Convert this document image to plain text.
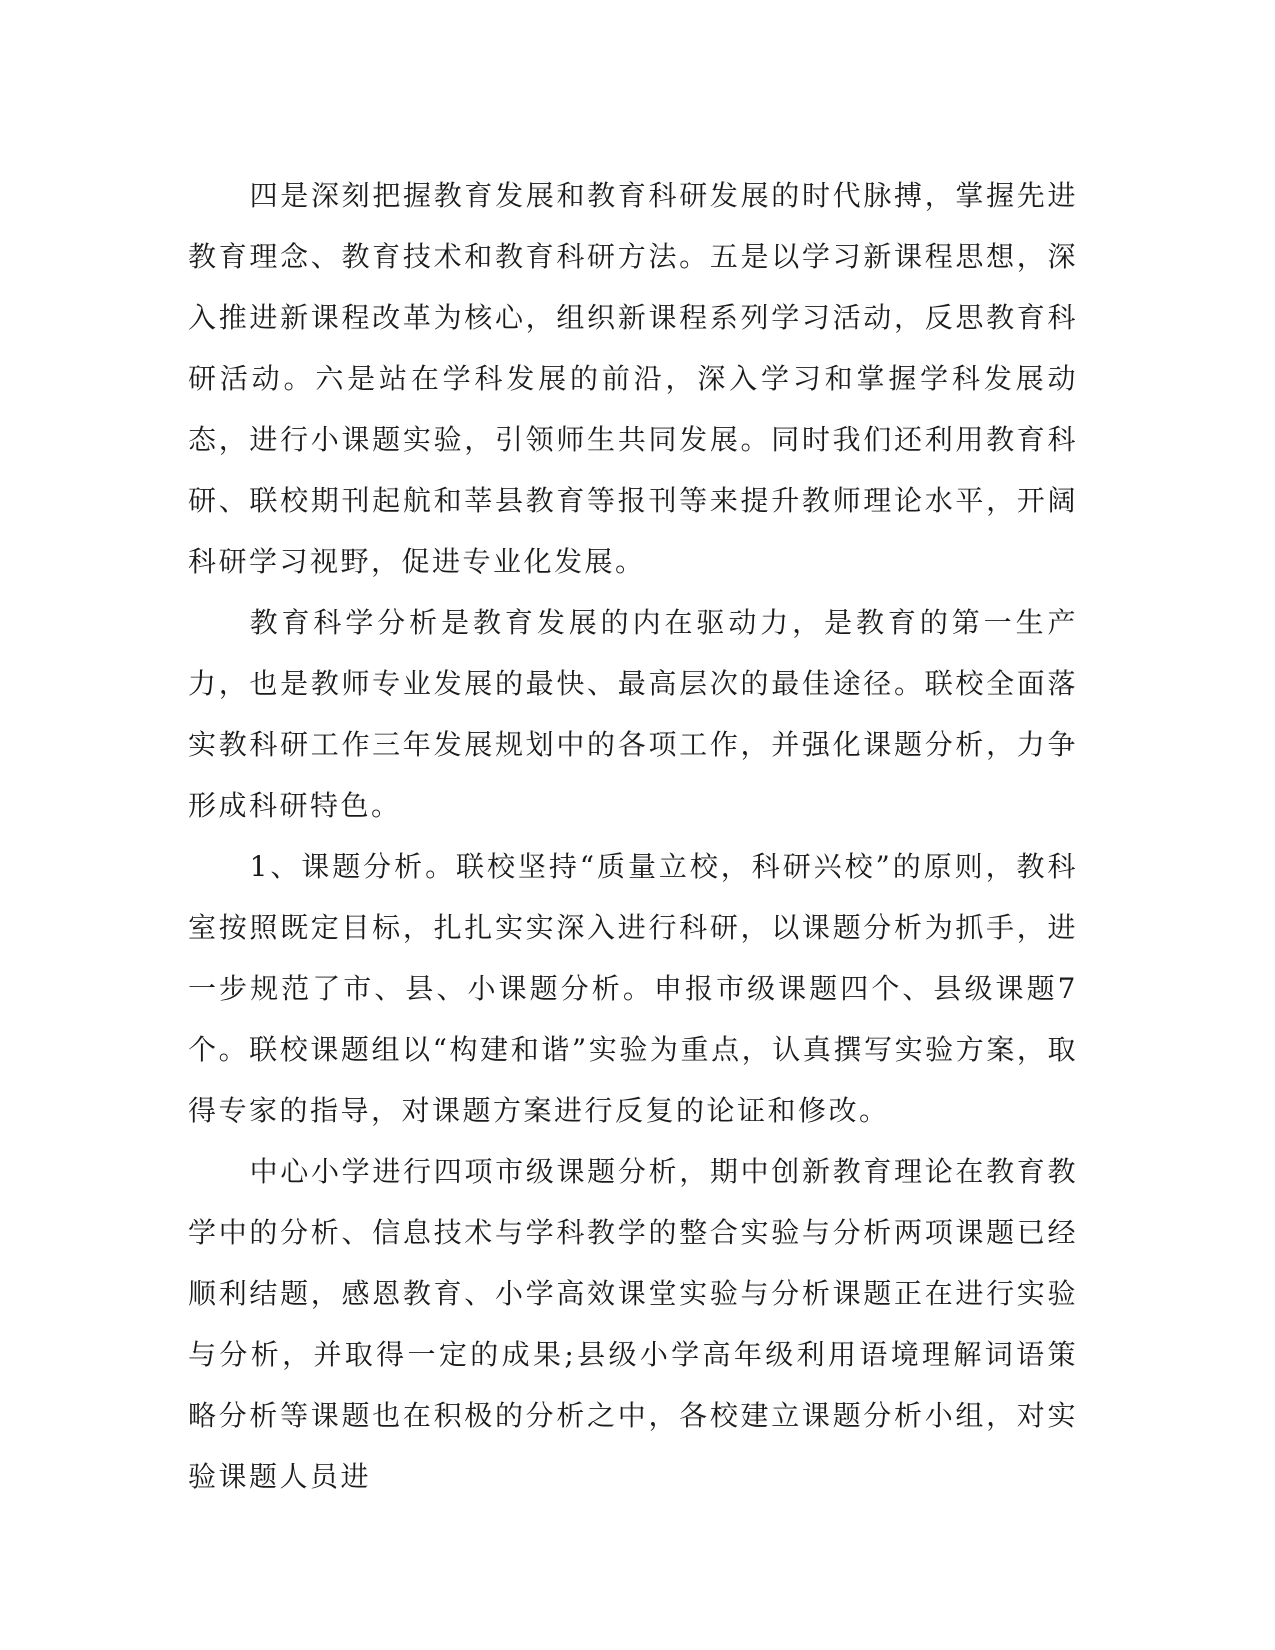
四是深刻把握教育发展和教育科研发展的时代脉搏，掌握先进教育理念、教育技术和教育科研方法。五是以学习新课程思想，深入推进新课程改革为核心，组织新课程系列学习活动，反思教育科研活动。六是站在学科发展的前沿，深入学习和掌握学科发展动态，进行小课题实验，引领师生共同发展。同时我们还利用教育科研、联校期刊起航和莘县教育等报刊等来提升教师理论水平，开阔科研学习视野，促进专业化发展。

教育科学分析是教育发展的内在驱动力，是教育的第一生产力，也是教师专业发展的最快、最高层次的最佳途径。联校全面落实教科研工作三年发展规划中的各项工作，并强化课题分析，力争形成科研特色。

1、课题分析。联校坚持“质量立校，科研兴校”的原则，教科室按照既定目标，扎扎实实深入进行科研，以课题分析为抓手，进一步规范了市、县、小课题分析。申报市级课题四个、县级课题7个。联校课题组以“构建和谐”实验为重点，认真撰写实验方案，取得专家的指导，对课题方案进行反复的论证和修改。

中心小学进行四项市级课题分析，期中创新教育理论在教育教学中的分析、信息技术与学科教学的整合实验与分析两项课题已经顺利结题，感恩教育、小学高效课堂实验与分析课题正在进行实验与分析，并取得一定的成果;县级小学高年级利用语境理解词语策略分析等课题也在积极的分析之中，各校建立课题分析小组，对实验课题人员进
